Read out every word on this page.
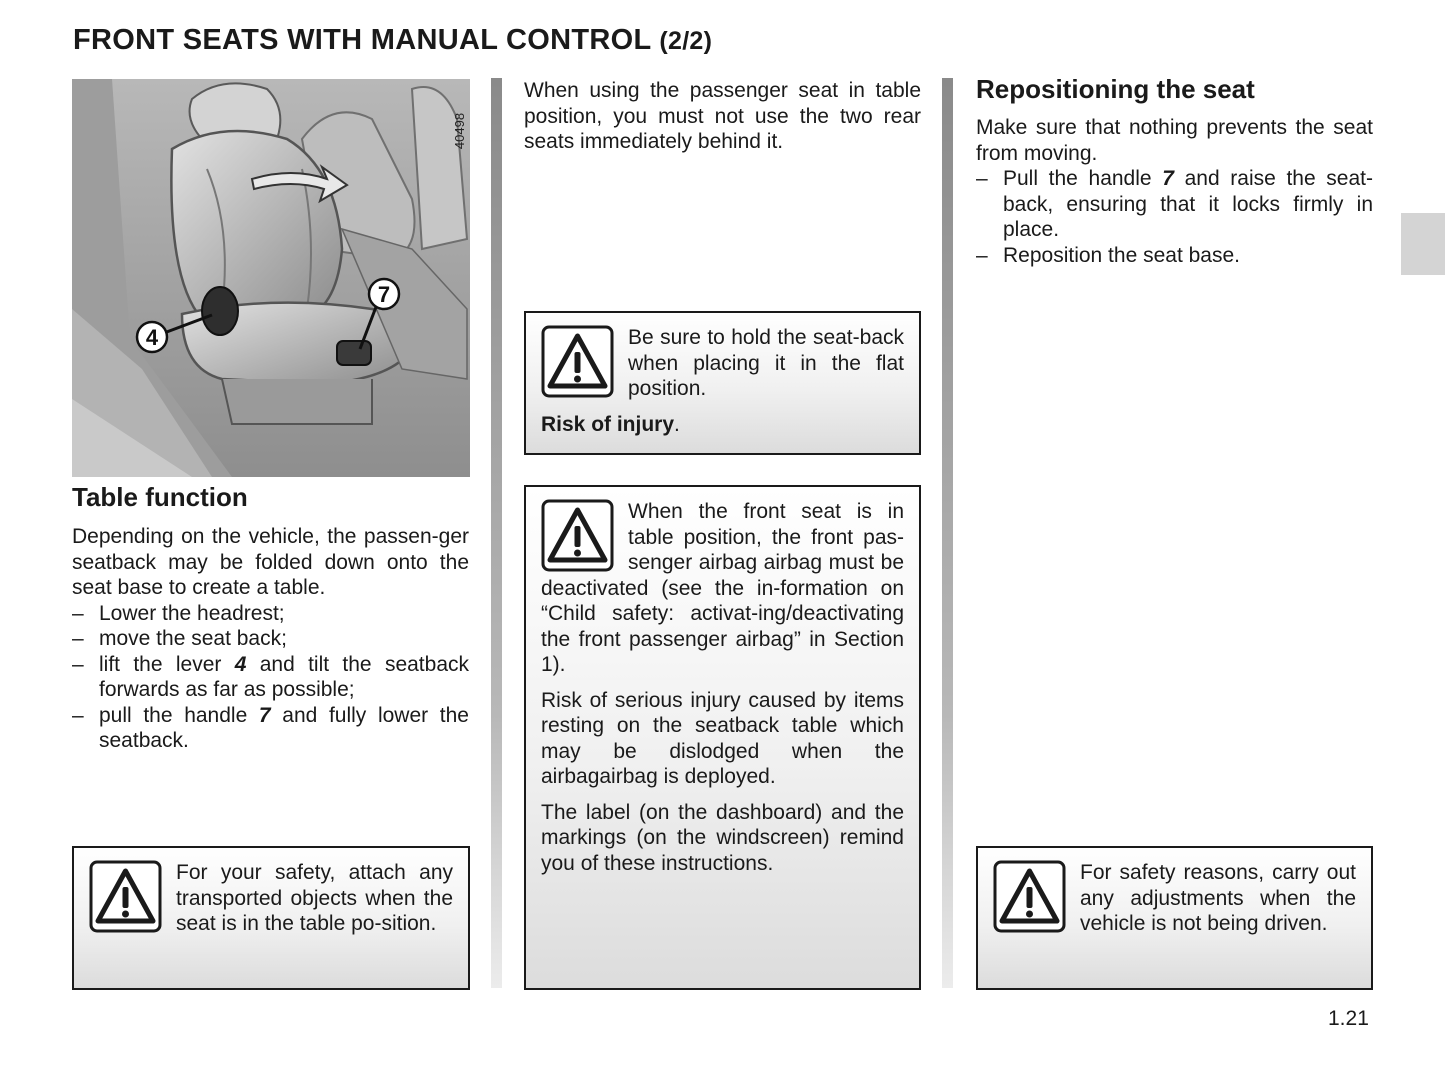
FRONT SEATS WITH MANUAL CONTROL (2/2)
4
7
40498
Table function

Depending on the vehicle, the passen-ger seatback may be folded down onto the seat base to create a table.

– Lower the headrest;
– move the seat back;
– lift the lever 4 and tilt the seatback forwards as far as possible;
– pull the handle 7 and fully lower the seatback.

For your safety, attach any transported objects when the seat is in the table po-sition.

When using the passenger seat in table position, you must not use the two rear seats immediately behind it.

Be sure to hold the seat-back when placing it in the flat position.

Risk of injury.

When the front seat is in table position, the front pas-senger airbag airbag must be deactivated (see the in-formation on “Child safety: activat-ing/deactivating the front passenger airbag” in Section 1).

Risk of serious injury caused by items resting on the seatback table which may be dislodged when the airbagairbag is deployed.

The label (on the dashboard) and the markings (on the windscreen) remind you of these instructions.

Repositioning the seat

Make sure that nothing prevents the seat from moving.

– Pull the handle 7 and raise the seat-back, ensuring that it locks firmly in place.
– Reposition the seat base.

For safety reasons, carry out any adjustments when the vehicle is not being driven.

1.21
